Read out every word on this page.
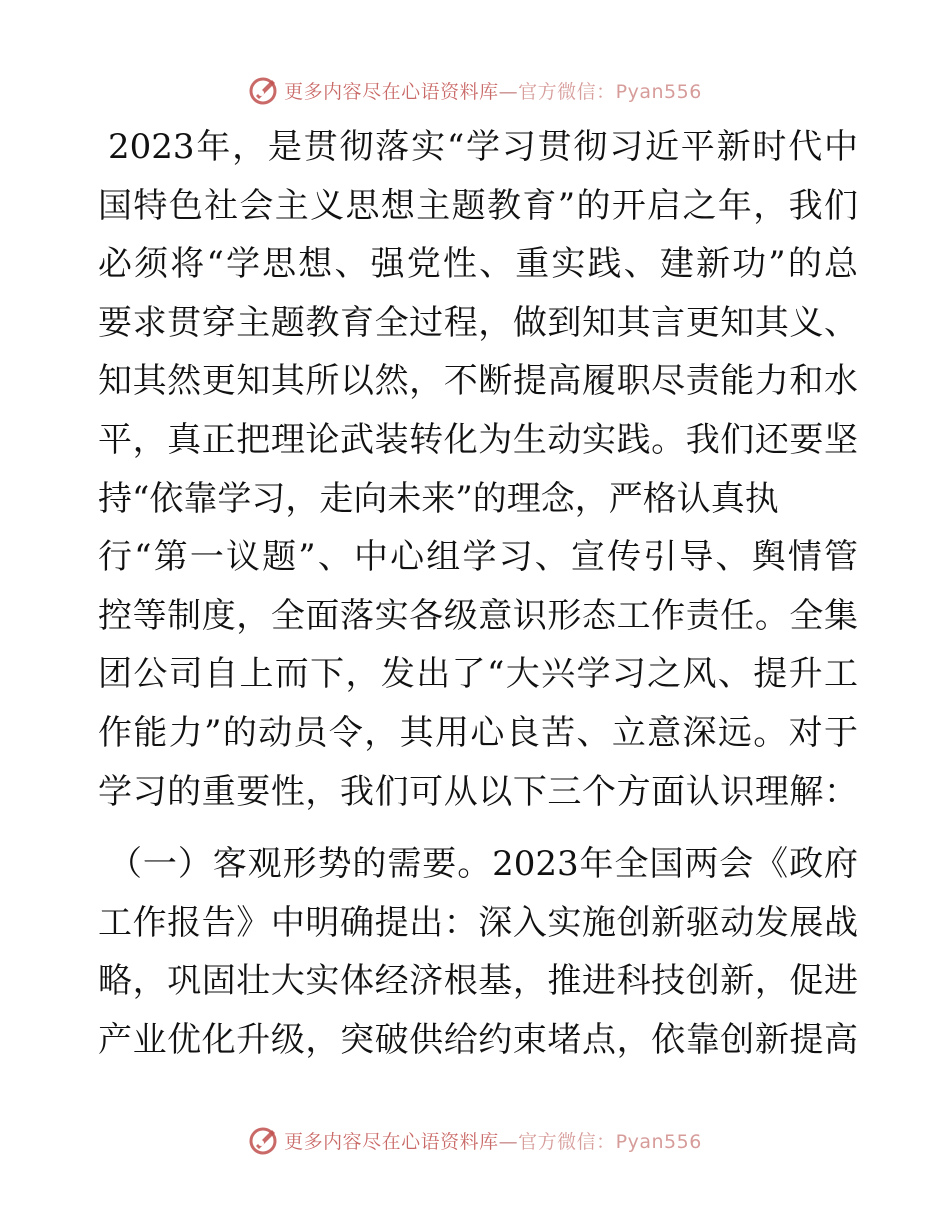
更多内容尽在心语资料库—官方微信：Pyan556
2023年，是贯彻落实“学习贯彻习近平新时代中
国特色社会主义思想主题教育”的开启之年，我们
必须将“学思想、强党性、重实践、建新功”的总
要求贯穿主题教育全过程，做到知其言更知其义、
知其然更知其所以然，不断提高履职尽责能力和水
平，真正把理论武装转化为生动实践。我们还要坚
持“依靠学习，走向未来”的理念，严格认真执
行“第一议题”、中心组学习、宣传引导、舆情管
控等制度，全面落实各级意识形态工作责任。全集
团公司自上而下，发出了“大兴学习之风、提升工
作能力”的动员令，其用心良苦、立意深远。对于
学习的重要性，我们可从以下三个方面认识理解：
（一）客观形势的需要。2023年全国两会《政府
工作报告》中明确提出：深入实施创新驱动发展战
略，巩固壮大实体经济根基，推进科技创新，促进
产业优化升级，突破供给约束堵点，依靠创新提高
更多内容尽在心语资料库—官方微信：Pyan556
